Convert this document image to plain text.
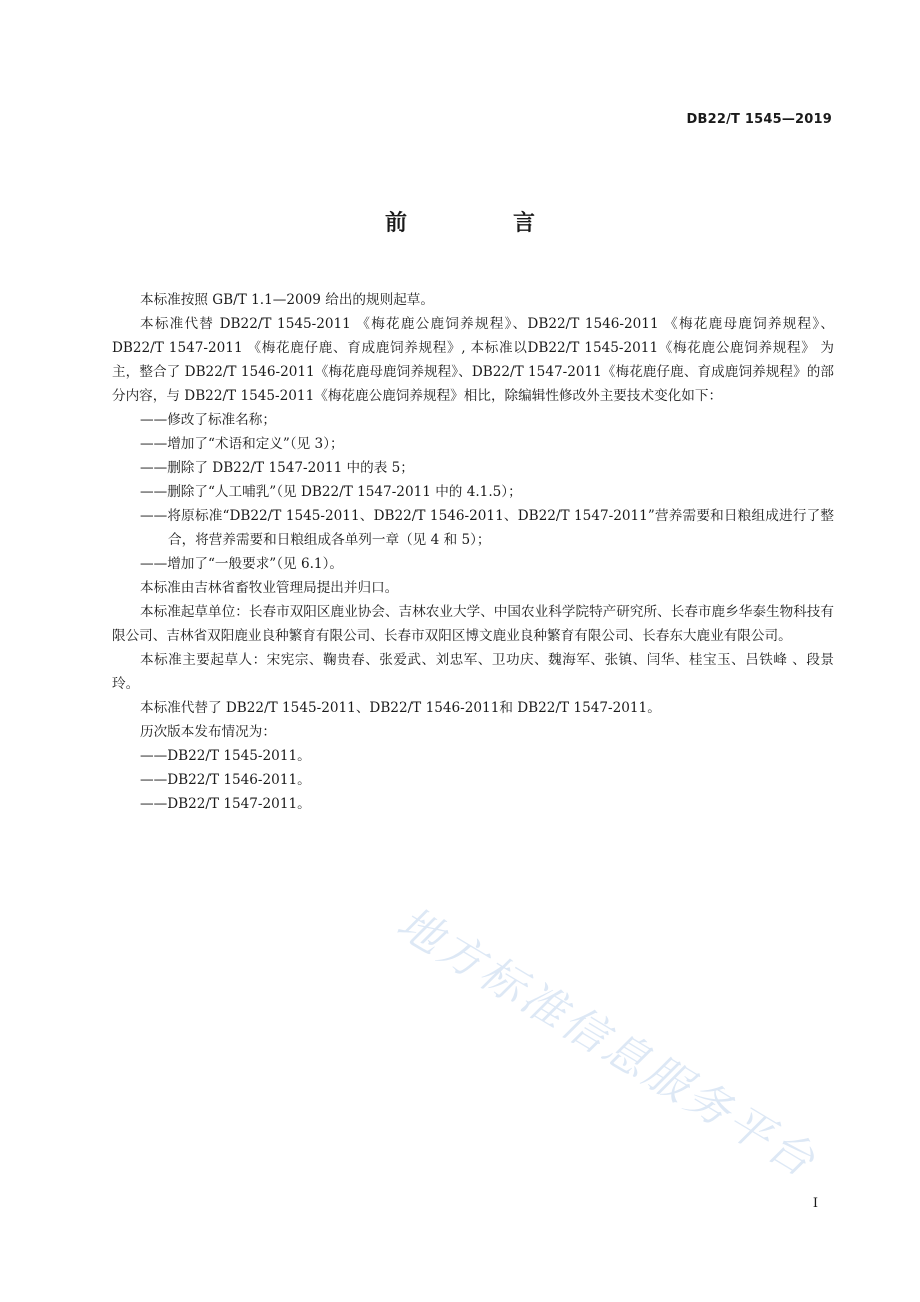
DB22/T 1545—2019
前　言

本标准按照 GB/T 1.1—2009 给出的规则起草。

本标准代替 DB22/T 1545-2011 《梅花鹿公鹿饲养规程》、DB22/T 1546-2011 《梅花鹿母鹿饲养规程》、DB22/T 1547-2011 《梅花鹿仔鹿、育成鹿饲养规程》, 本标准以DB22/T 1545-2011《梅花鹿公鹿饲养规程》 为主，整合了 DB22/T 1546-2011《梅花鹿母鹿饲养规程》、DB22/T 1547-2011《梅花鹿仔鹿、育成鹿饲养规程》的部分内容，与 DB22/T 1545-2011《梅花鹿公鹿饲养规程》相比，除编辑性修改外主要技术变化如下：

——修改了标准名称；

——增加了“术语和定义”（见 3）；

——删除了 DB22/T 1547-2011 中的表 5；

——删除了“人工哺乳”（见 DB22/T 1547-2011 中的 4.1.5）；

——将原标准“DB22/T 1545-2011、DB22/T 1546-2011、DB22/T 1547-2011”营养需要和日粮组成进行了整合，将营养需要和日粮组成各单列一章（见 4 和 5）；

——增加了“一般要求”（见 6.1）。

本标准由吉林省畜牧业管理局提出并归口。

本标准起草单位：长春市双阳区鹿业协会、吉林农业大学、中国农业科学院特产研究所、长春市鹿乡华泰生物科技有限公司、吉林省双阳鹿业良种繁育有限公司、长春市双阳区博文鹿业良种繁育有限公司、长春东大鹿业有限公司。

本标准主要起草人：宋宪宗、鞠贵春、张爱武、刘忠军、卫功庆、魏海军、张镇、闫华、桂宝玉、吕铁峰 、段景玲。

本标准代替了 DB22/T 1545-2011、DB22/T 1546-2011和 DB22/T 1547-2011。

历次版本发布情况为：

——DB22/T 1545-2011。

——DB22/T 1546-2011。

——DB22/T 1547-2011。

地方标准信息服务平台
I
